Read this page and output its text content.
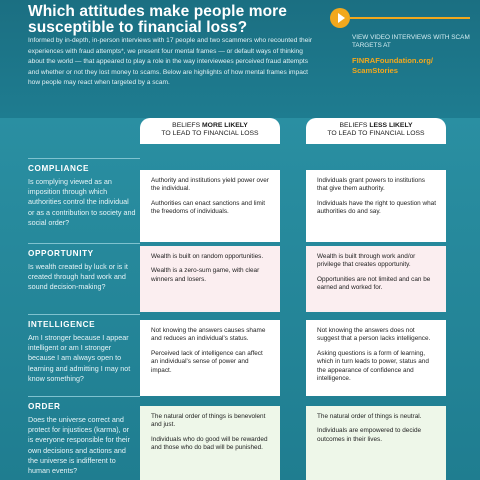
Which attitudes make people more susceptible to financial loss?
Informed by in-depth, in-person interviews with 17 people and two scammers who recounted their experiences with fraud attempts*, we present four mental frames — or default ways of thinking about the world — that appeared to play a role in the way interviewees perceived fraud attempts and whether or not they lost money to scams. Below are highlights of how mental frames impact how people may react when targeted by a scam.
VIEW VIDEO INTERVIEWS WITH SCAM TARGETS AT
FINRAFoundation.org/ ScamStories
BELIEFS MORE LIKELY
TO LEAD TO FINANCIAL LOSS
BELIEFS LESS LIKELY
TO LEAD TO FINANCIAL LOSS
COMPLIANCE
Is complying viewed as an imposition through which authorities control the individual or as a contribution to society and social order?

Authority and institutions yield power over the individual.

Authorities can enact sanctions and limit the freedoms of individuals.

Individuals grant powers to institutions that give them authority.

Individuals have the right to question what authorities do and say.

OPPORTUNITY
Is wealth created by luck or is it created through hard work and sound decision-making?

Wealth is built on random opportunities.

Wealth is a zero-sum game, with clear winners and losers.

Wealth is built through work and/or privilege that creates opportunity.

Opportunities are not limited and can be earned and worked for.

INTELLIGENCE
Am I stronger because I appear intelligent or am I stronger because I am always open to learning and admitting I may not know something?

Not knowing the answers causes shame and reduces an individual's status.

Perceived lack of intelligence can affect an individual's sense of power and impact.

Not knowing the answers does not suggest that a person lacks intelligence.

Asking questions is a form of learning, which in turn leads to power, status and the appearance of confidence and intelligence.

ORDER
Does the universe correct and protect for injustices (karma), or is everyone responsible for their own decisions and actions and the universe is indifferent to human events?

The natural order of things is benevolent and just.

Individuals who do good will be rewarded and those who do bad will be punished.

The natural order of things is neutral.

Individuals are empowered to decide outcomes in their lives.
